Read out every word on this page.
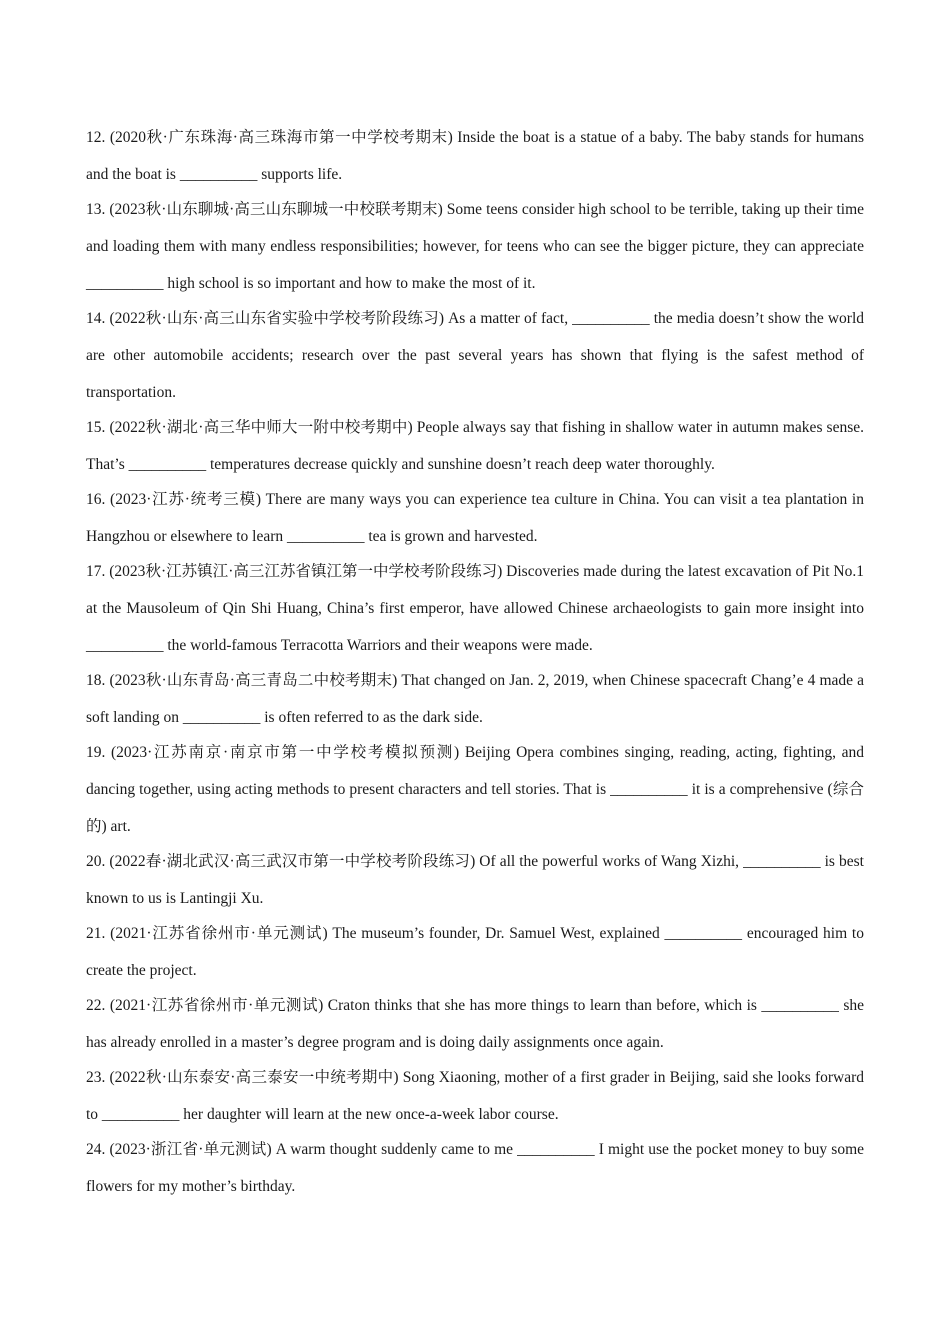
12. (2020秋·广东珠海·高三珠海市第一中学校考期末) Inside the boat is a statue of a baby. The baby stands for humans and the boat is __________ supports life.

13. (2023秋·山东聊城·高三山东聊城一中校联考期末) Some teens consider high school to be terrible, taking up their time and loading them with many endless responsibilities; however, for teens who can see the bigger picture, they can appreciate __________ high school is so important and how to make the most of it.

14. (2022秋·山东·高三山东省实验中学校考阶段练习) As a matter of fact, __________ the media doesn’t show the world are other automobile accidents; research over the past several years has shown that flying is the safest method of transportation.

15. (2022秋·湖北·高三华中师大一附中校考期中) People always say that fishing in shallow water in autumn makes sense. That’s __________ temperatures decrease quickly and sunshine doesn’t reach deep water thoroughly.

16. (2023·江苏·统考三模) There are many ways you can experience tea culture in China. You can visit a tea plantation in Hangzhou or elsewhere to learn __________ tea is grown and harvested.

17. (2023秋·江苏镇江·高三江苏省镇江第一中学校考阶段练习) Discoveries made during the latest excavation of Pit No.1 at the Mausoleum of Qin Shi Huang, China’s first emperor, have allowed Chinese archaeologists to gain more insight into __________ the world-famous Terracotta Warriors and their weapons were made.

18. (2023秋·山东青岛·高三青岛二中校考期末) That changed on Jan. 2, 2019, when Chinese spacecraft Chang’e 4 made a soft landing on __________ is often referred to as the dark side.

19. (2023·江苏南京·南京市第一中学校考模拟预测) Beijing Opera combines singing, reading, acting, fighting, and dancing together, using acting methods to present characters and tell stories. That is __________ it is a comprehensive (综合的) art.

20. (2022春·湖北武汉·高三武汉市第一中学校考阶段练习) Of all the powerful works of Wang Xizhi, __________ is best known to us is Lantingji Xu.

21. (2021·江苏省徐州市·单元测试) The museum’s founder, Dr. Samuel West, explained __________ encouraged him to create the project.

22. (2021·江苏省徐州市·单元测试) Craton thinks that she has more things to learn than before, which is __________ she has already enrolled in a master’s degree program and is doing daily assignments once again.

23. (2022秋·山东泰安·高三泰安一中统考期中) Song Xiaoning, mother of a first grader in Beijing, said she looks forward to __________ her daughter will learn at the new once-a-week labor course.

24. (2023·浙江省·单元测试) A warm thought suddenly came to me __________ I might use the pocket money to buy some flowers for my mother’s birthday.
